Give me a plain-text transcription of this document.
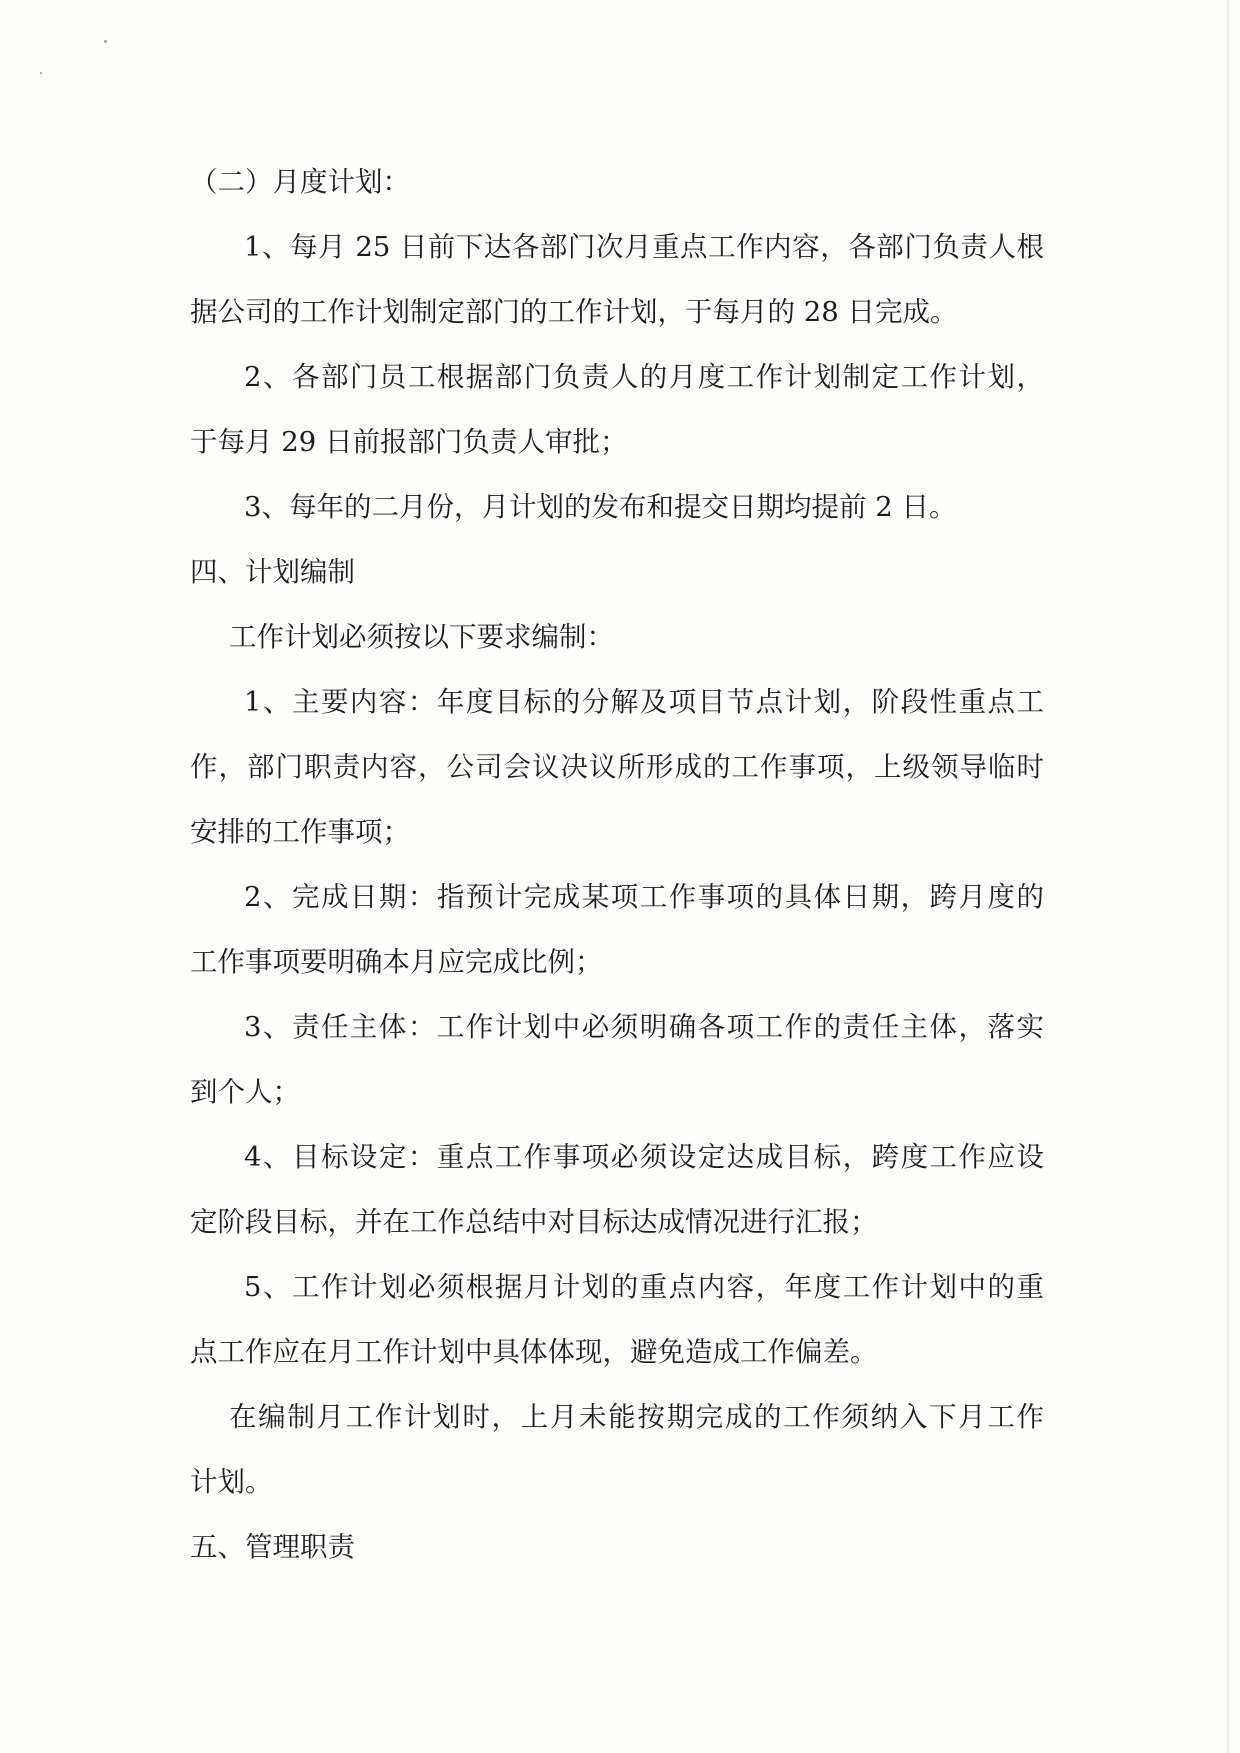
（二）月度计划：
1、每月 25 日前下达各部门次月重点工作内容，各部门负责人根
据公司的工作计划制定部门的工作计划，于每月的 28 日完成。
2、各部门员工根据部门负责人的月度工作计划制定工作计划，
于每月 29 日前报部门负责人审批；
3、每年的二月份，月计划的发布和提交日期均提前 2 日。
四、计划编制
工作计划必须按以下要求编制：
1、主要内容：年度目标的分解及项目节点计划，阶段性重点工
作，部门职责内容，公司会议决议所形成的工作事项，上级领导临时
安排的工作事项；
2、完成日期：指预计完成某项工作事项的具体日期，跨月度的
工作事项要明确本月应完成比例；
3、责任主体：工作计划中必须明确各项工作的责任主体，落实
到个人；
4、目标设定：重点工作事项必须设定达成目标，跨度工作应设
定阶段目标，并在工作总结中对目标达成情况进行汇报；
5、工作计划必须根据月计划的重点内容，年度工作计划中的重
点工作应在月工作计划中具体体现，避免造成工作偏差。
在编制月工作计划时，上月未能按期完成的工作须纳入下月工作
计划。
五、管理职责
